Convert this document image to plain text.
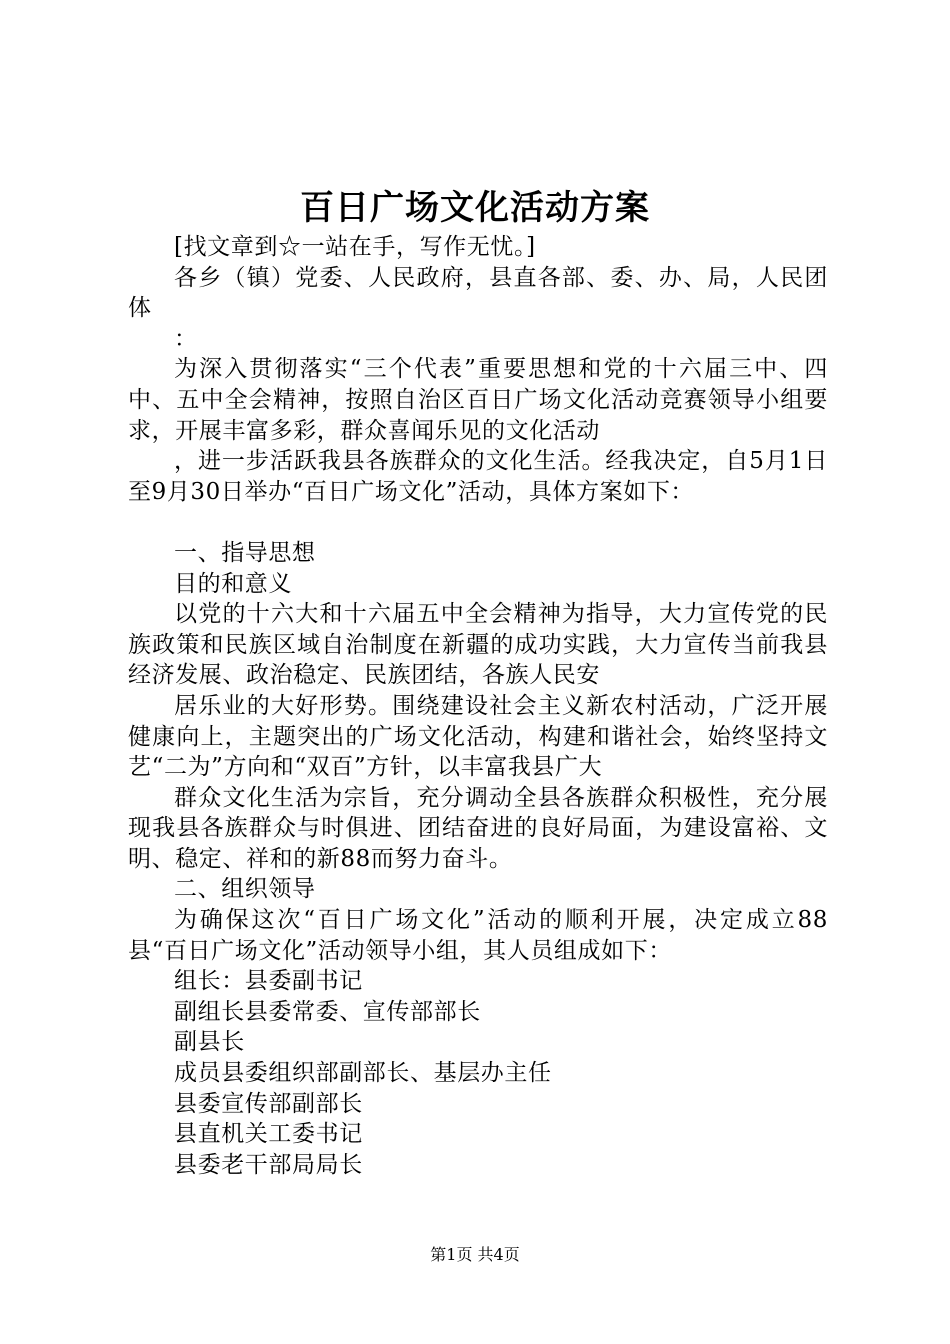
百日广场文化活动方案

[找文章到☆一站在手，写作无忧。]

各乡（镇）党委、人民政府，县直各部、委、办、局，人民团体

：

为深入贯彻落实“三个代表”重要思想和党的十六届三中、四中、五中全会精神，按照自治区百日广场文化活动竞赛领导小组要求，开展丰富多彩，群众喜闻乐见的文化活动

，进一步活跃我县各族群众的文化生活。经我决定，自5月1日至9月30日举办“百日广场文化”活动，具体方案如下：

一、指导思想

目的和意义

以党的十六大和十六届五中全会精神为指导，大力宣传党的民族政策和民族区域自治制度在新疆的成功实践，大力宣传当前我县经济发展、政治稳定、民族团结，各族人民安

居乐业的大好形势。围绕建设社会主义新农村活动，广泛开展健康向上，主题突出的广场文化活动，构建和谐社会，始终坚持文艺“二为”方向和“双百”方针，以丰富我县广大

群众文化生活为宗旨，充分调动全县各族群众积极性，充分展现我县各族群众与时俱进、团结奋进的良好局面，为建设富裕、文明、稳定、祥和的新88而努力奋斗。

二、组织领导

为确保这次“百日广场文化”活动的顺利开展，决定成立88县“百日广场文化”活动领导小组，其人员组成如下：

组长：县委副书记

副组长县委常委、宣传部部长

副县长

成员县委组织部副部长、基层办主任

县委宣传部副部长

县直机关工委书记

县委老干部局局长

第1页 共4页
